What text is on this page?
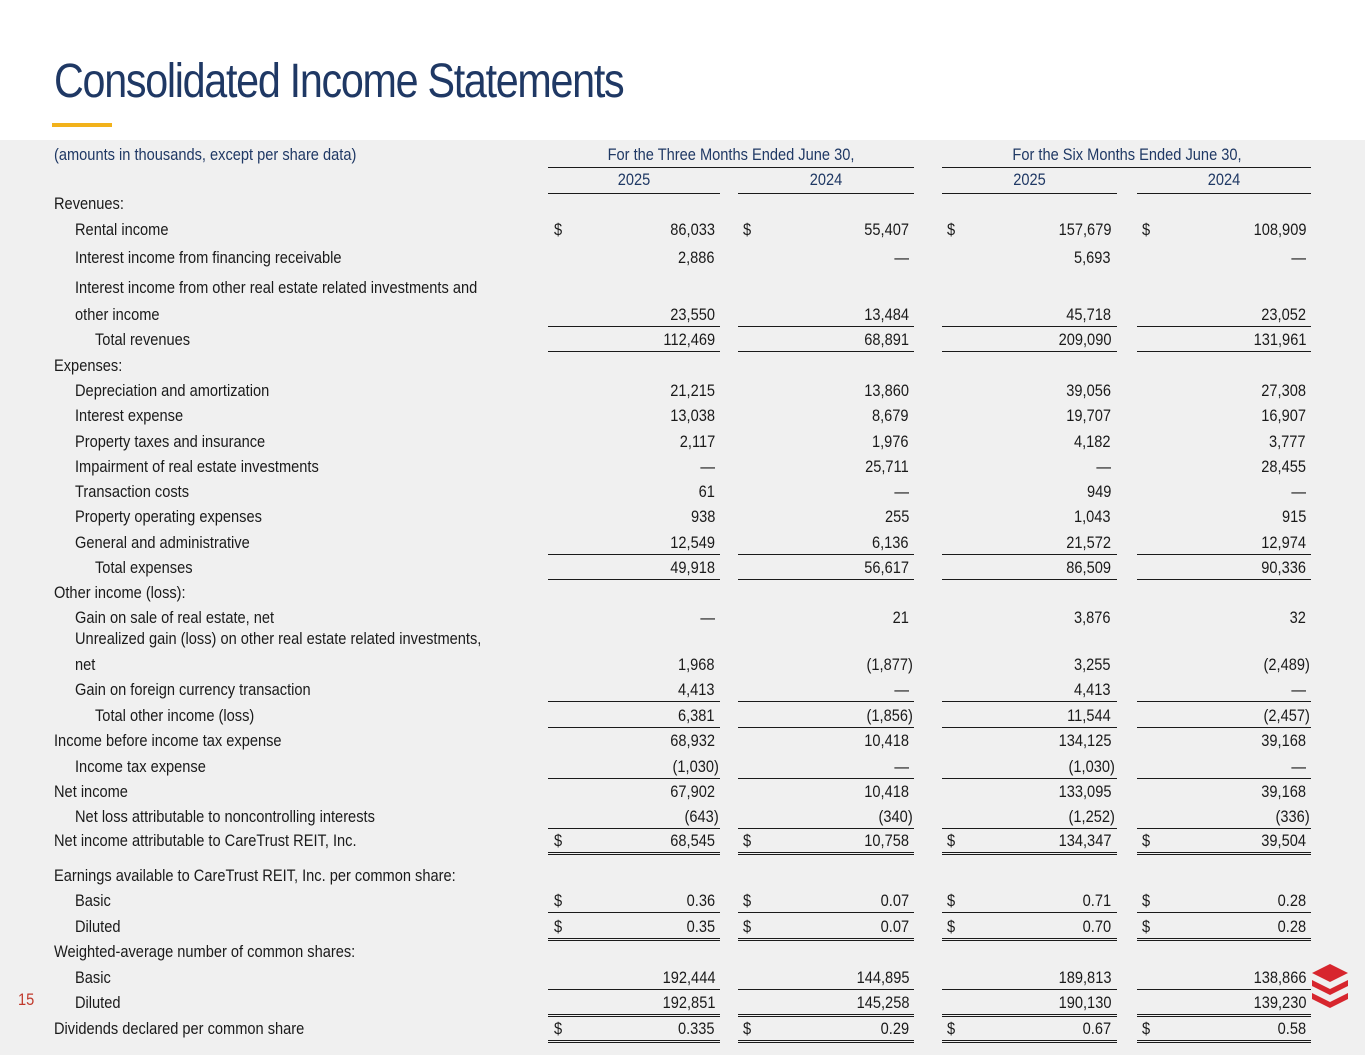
Consolidated Income Statements
(amounts in thousands, except per share data)	For the Three Months Ended June 30,	For the Six Months Ended June 30,
2025	2024	2025	2024
Revenues:
Rental income	$	86,033 $	55,407 $	157,679 $	108,909
Interest income from financing receivable	2,886	—	5,693	—
Interest income from other real estate related investments and
other income	23,550	13,484	45,718	23,052
Total revenues	112,469	68,891	209,090	131,961
Expenses:
Depreciation and amortization	21,215	13,860	39,056	27,308
Interest expense	13,038	8,679	19,707	16,907
Property taxes and insurance	2,117	1,976	4,182	3,777
Impairment of real estate investments	—	25,711	—	28,455
Transaction costs	61	—	949	—
Property operating expenses	938	255	1,043	915
General and administrative	12,549	6,136	21,572	12,974
Total expenses	49,918	56,617	86,509	90,336
Other income (loss):
Gain on sale of real estate, net	—	21	3,876	32
Unrealized gain (loss) on other real estate related investments,
net	1,968	(1,877)	3,255	(2,489)
Gain on foreign currency transaction	4,413	—	4,413	—
Total other income (loss)	6,381	(1,856)	11,544	(2,457)
Income before income tax expense	68,932	10,418	134,125	39,168
Income tax expense	(1,030)	—	(1,030)	—
Net income	67,902	10,418	133,095	39,168
Net loss attributable to noncontrolling interests	(643)	(340)	(1,252)	(336)
Net income attributable to CareTrust REIT, Inc.	$	68,545 $	10,758 $	134,347 $	39,504
Earnings available to CareTrust REIT, Inc. per common share:
Basic	$	0.36 $	0.07 $	0.71 $	0.28
Diluted	$	0.35 $	0.07 $	0.70 $	0.28
Weighted-average number of common shares:
Basic	192,444	144,895	189,813	138,866
Diluted	192,851	145,258	190,130	139,230
Dividends declared per common share	$	0.335 $	0.29 $	0.67 $	0.58
15
